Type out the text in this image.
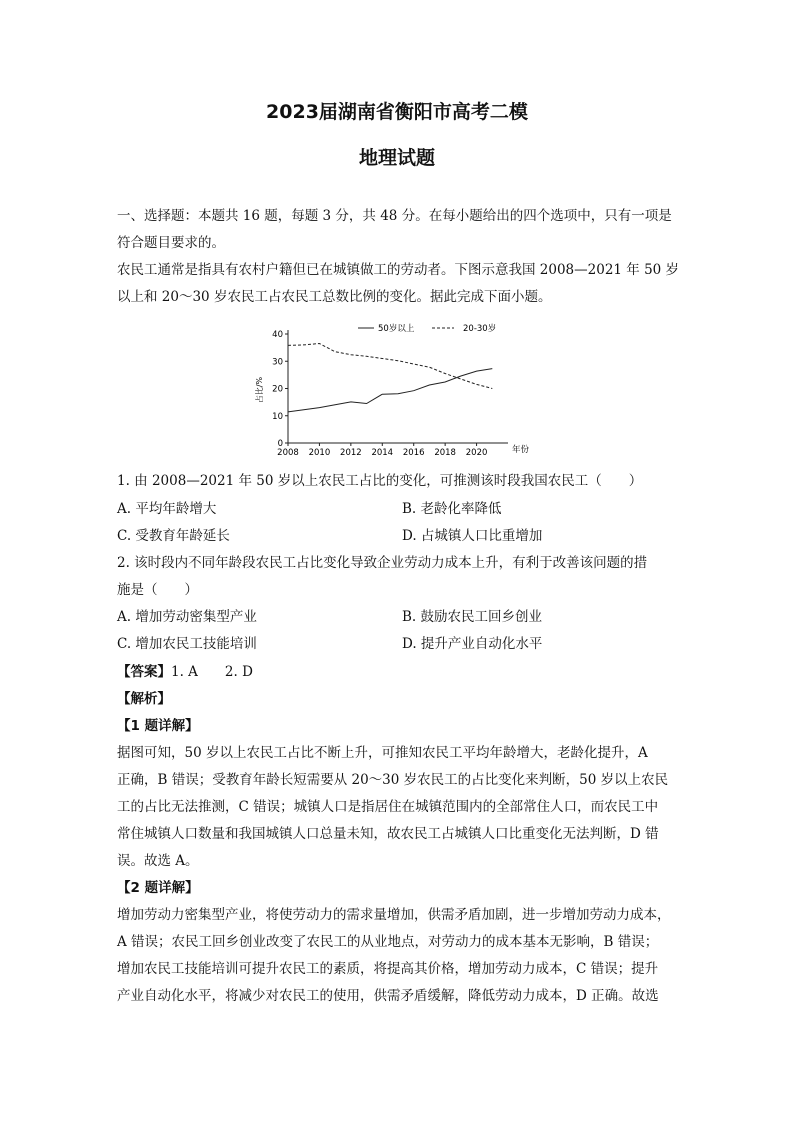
2023届湖南省衡阳市高考二模
地理试题
一、选择题：本题共 16 题，每题 3 分，共 48 分。在每小题给出的四个选项中，只有一项是
符合题目要求的。
农民工通常是指具有农村户籍但已在城镇做工的劳动者。下图示意我国 2008—2021 年 50 岁
以上和 20～30 岁农民工占农民工总数比例的变化。据此完成下面小题。
0
10
20
30
40
2008 2010 2012 2014 2016 2018 2020
占比/%
年份
50岁以上	20-30岁
1. 由 2008—2021 年 50 岁以上农民工占比的变化，可推测该时段我国农民工（　　）
A. 平均年龄增大	B. 老龄化率降低
C. 受教育年龄延长	D. 占城镇人口比重增加
2. 该时段内不同年龄段农民工占比变化导致企业劳动力成本上升，有利于改善该问题的措
施是（　　）
A. 增加劳动密集型产业	B. 鼓励农民工回乡创业
C. 增加农民工技能培训	D. 提升产业自动化水平
【答案】1. A　　2. D
【解析】
【1 题详解】
据图可知，50 岁以上农民工占比不断上升，可推知农民工平均年龄增大，老龄化提升，A
正确，B 错误；受教育年龄长短需要从 20～30 岁农民工的占比变化来判断，50 岁以上农民
工的占比无法推测，C 错误；城镇人口是指居住在城镇范围内的全部常住人口，而农民工中
常住城镇人口数量和我国城镇人口总量未知，故农民工占城镇人口比重变化无法判断，D 错
误。故选 A。
【2 题详解】
增加劳动力密集型产业，将使劳动力的需求量增加，供需矛盾加剧，进一步增加劳动力成本，
A 错误；农民工回乡创业改变了农民工的从业地点，对劳动力的成本基本无影响，B 错误；
增加农民工技能培训可提升农民工的素质，将提高其价格，增加劳动力成本，C 错误；提升
产业自动化水平，将减少对农民工的使用，供需矛盾缓解，降低劳动力成本，D 正确。故选
